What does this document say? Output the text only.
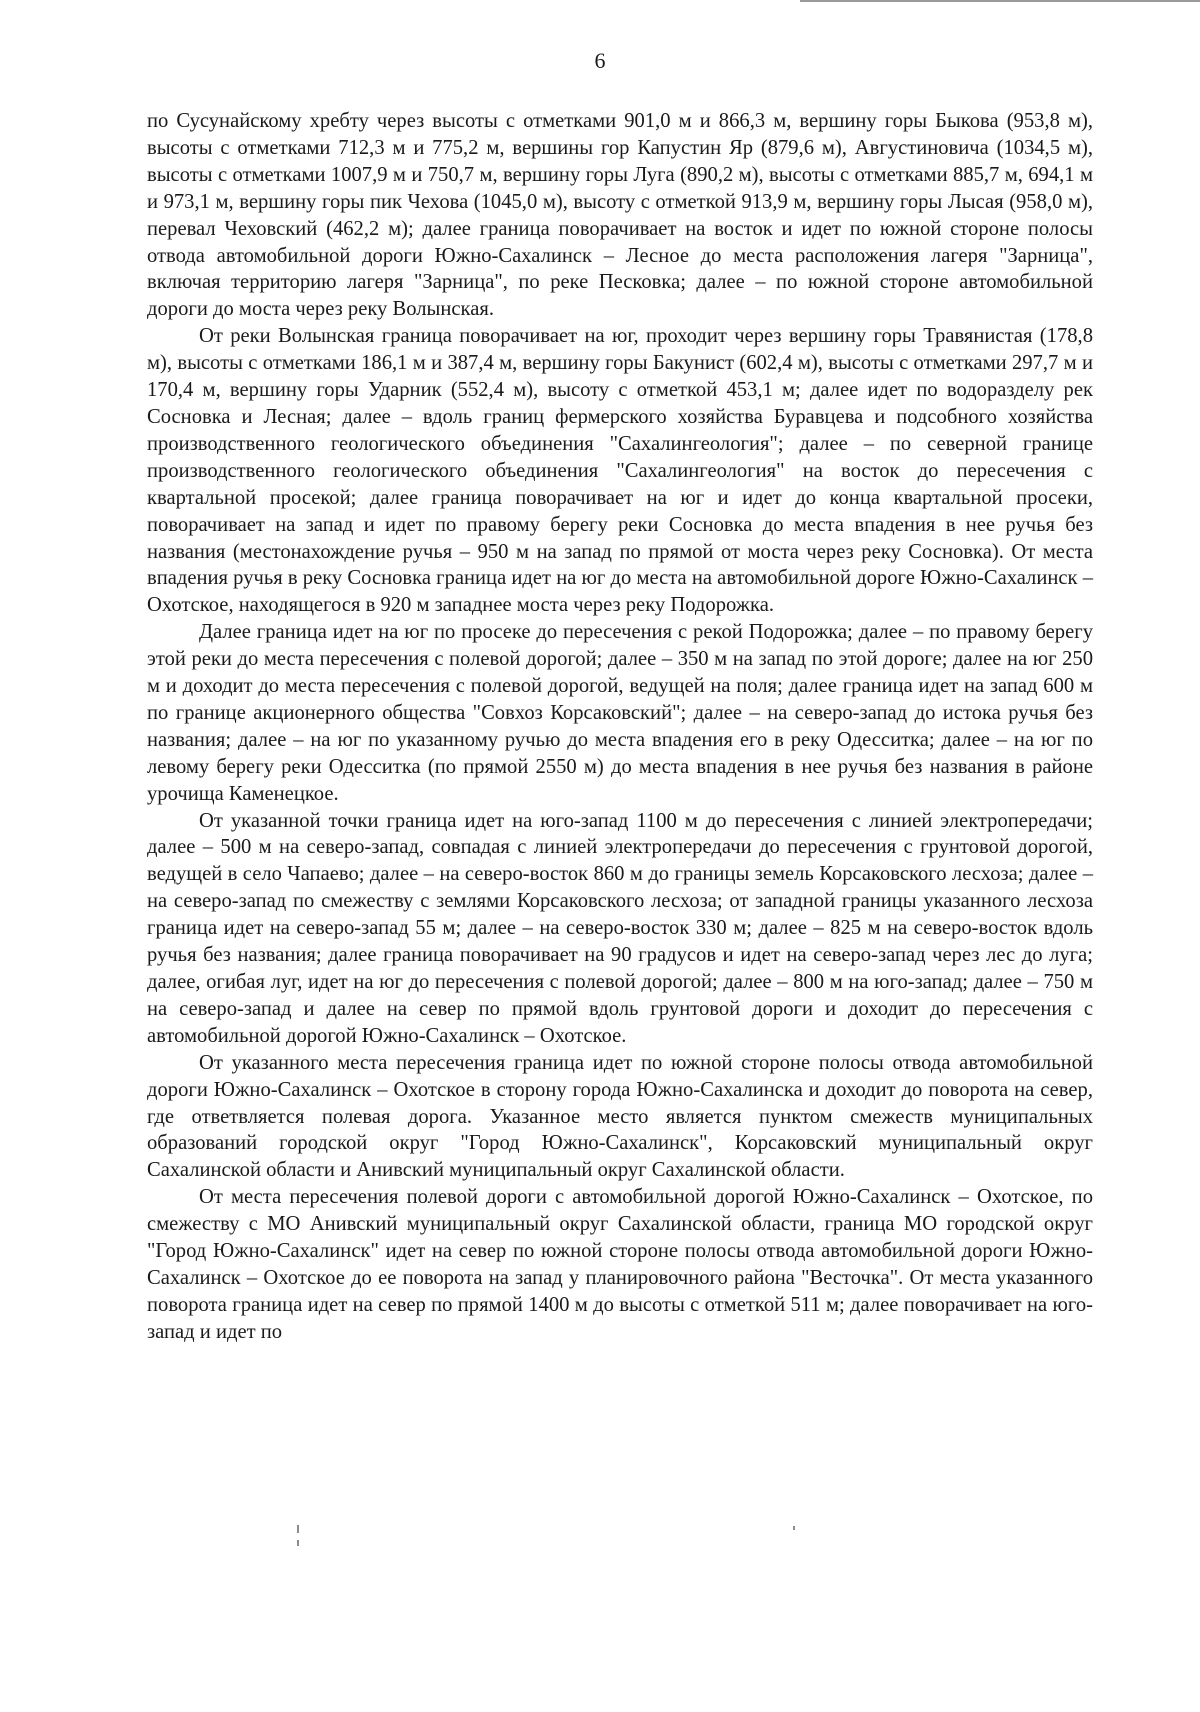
6

по Сусунайскому хребту через высоты с отметками 901,0 м и 866,3 м, вершину горы Быкова (953,8 м), высоты с отметками 712,3 м и 775,2 м, вершины гор Капустин Яр (879,6 м), Августиновича (1034,5 м), высоты с отметками 1007,9 м и 750,7 м, вершину горы Луга (890,2 м), высоты с отметками 885,7 м, 694,1 м и 973,1 м, вершину горы пик Чехова (1045,0 м), высоту с отметкой 913,9 м, вершину горы Лысая (958,0 м), перевал Чеховский (462,2 м); далее граница поворачивает на восток и идет по южной стороне полосы отвода автомобильной дороги Южно-Сахалинск – Лесное до места расположения лагеря "Зарница", включая территорию лагеря "Зарница", по реке Песковка; далее – по южной стороне автомобильной дороги до моста через реку Волынская.

От реки Волынская граница поворачивает на юг, проходит через вершину горы Травянистая (178,8 м), высоты с отметками 186,1 м и 387,4 м, вершину горы Бакунист (602,4 м), высоты с отметками 297,7 м и 170,4 м, вершину горы Ударник (552,4 м), высоту с отметкой 453,1 м; далее идет по водоразделу рек Сосновка и Лесная; далее – вдоль границ фермерского хозяйства Буравцева и подсобного хозяйства производственного геологического объединения "Сахалингеология"; далее – по северной границе производственного геологического объединения "Сахалингеология" на восток до пересечения с квартальной просекой; далее граница поворачивает на юг и идет до конца квартальной просеки, поворачивает на запад и идет по правому берегу реки Сосновка до места впадения в нее ручья без названия (местонахождение ручья – 950 м на запад по прямой от моста через реку Сосновка). От места впадения ручья в реку Сосновка граница идет на юг до места на автомобильной дороге Южно-Сахалинск – Охотское, находящегося в 920 м западнее моста через реку Подорожка.

Далее граница идет на юг по просеке до пересечения с рекой Подорожка; далее – по правому берегу этой реки до места пересечения с полевой дорогой; далее – 350 м на запад по этой дороге; далее на юг 250 м и доходит до места пересечения с полевой дорогой, ведущей на поля; далее граница идет на запад 600 м по границе акционерного общества "Совхоз Корсаковский"; далее – на северо-запад до истока ручья без названия; далее – на юг по указанному ручью до места впадения его в реку Одесситка; далее – на юг по левому берегу реки Одесситка (по прямой 2550 м) до места впадения в нее ручья без названия в районе урочища Каменецкое.

От указанной точки граница идет на юго-запад 1100 м до пересечения с линией электропередачи; далее – 500 м на северо-запад, совпадая с линией электропередачи до пересечения с грунтовой дорогой, ведущей в село Чапаево; далее – на северо-восток 860 м до границы земель Корсаковского лесхоза; далее – на северо-запад по смежеству с землями Корсаковского лесхоза; от западной границы указанного лесхоза граница идет на северо-запад 55 м; далее – на северо-восток 330 м; далее – 825 м на северо-восток вдоль ручья без названия; далее граница поворачивает на 90 градусов и идет на северо-запад через лес до луга; далее, огибая луг, идет на юг до пересечения с полевой дорогой; далее – 800 м на юго-запад; далее – 750 м на северо-запад и далее на север по прямой вдоль грунтовой дороги и доходит до пересечения с автомобильной дорогой Южно-Сахалинск – Охотское.

От указанного места пересечения граница идет по южной стороне полосы отвода автомобильной дороги Южно-Сахалинск – Охотское в сторону города Южно-Сахалинска и доходит до поворота на север, где ответвляется полевая дорога. Указанное место является пунктом смежеств муниципальных образований городской округ "Город Южно-Сахалинск", Корсаковский муниципальный округ Сахалинской области и Анивский муниципальный округ Сахалинской области.

От места пересечения полевой дороги с автомобильной дорогой Южно-Сахалинск – Охотское, по смежеству с МО Анивский муниципальный округ Сахалинской области, граница МО городской округ "Город Южно-Сахалинск" идет на север по южной стороне полосы отвода автомобильной дороги Южно-Сахалинск – Охотское до ее поворота на запад у планировочного района "Весточка". От места указанного поворота граница идет на север по прямой 1400 м до высоты с отметкой 511 м; далее поворачивает на юго-запад и идет по
